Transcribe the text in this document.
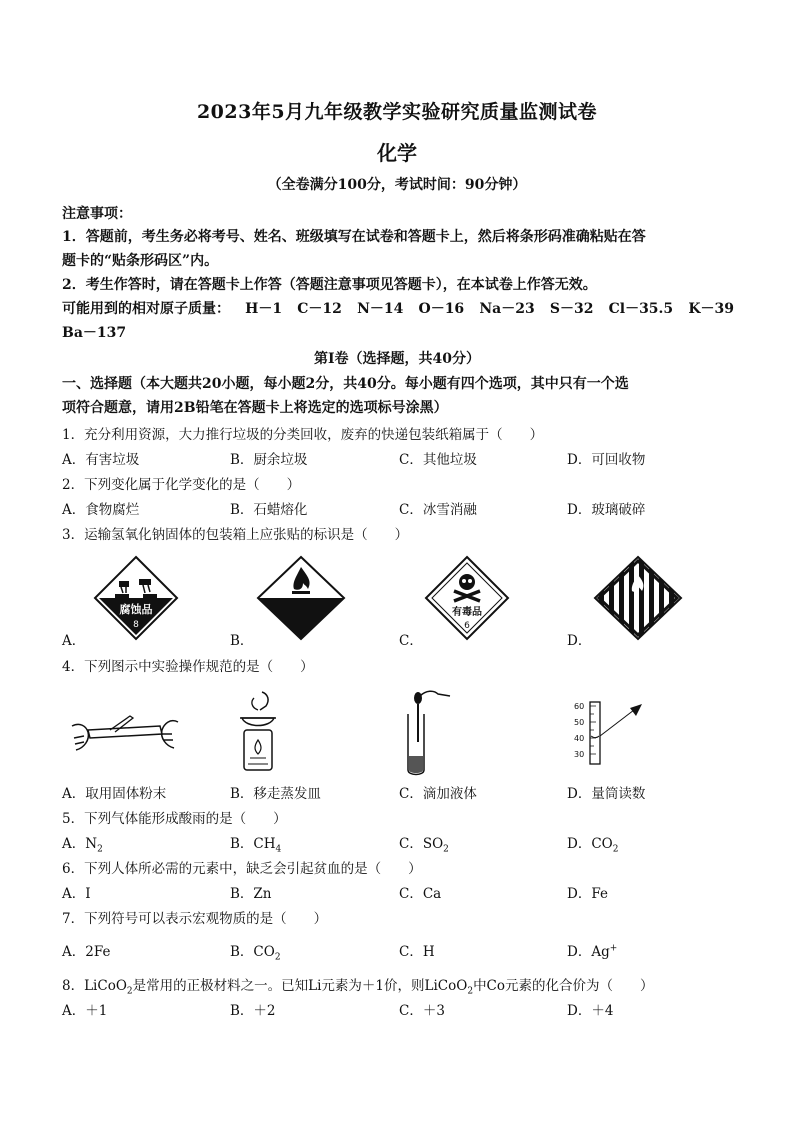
2023年5月九年级教学实验研究质量监测试卷
化学
（全卷满分100分，考试时间：90分钟）
注意事项：
1．答题前，考生务必将考号、姓名、班级填写在试卷和答题卡上，然后将条形码准确粘贴在答
题卡的“贴条形码区”内。
2．考生作答时，请在答题卡上作答（答题注意事项见答题卡），在本试卷上作答无效。
可能用到的相对原子质量： H－1 C－12 N－14 O－16 Na－23 S－32 Cl－35.5 K－39
Ba－137
第Ⅰ卷（选择题，共40分）
一、选择题（本大题共20小题，每小题2分，共40分。每小题有四个选项，其中只有一个选
项符合题意，请用2B铅笔在答题卡上将选定的选项标号涂黑）
1．充分利用资源，大力推行垃圾的分类回收，废弃的快递包装纸箱属于（　　）
A．有害垃圾	B．厨余垃圾	C．其他垃圾	D．可回收物
2．下列变化属于化学变化的是（　　）
A．食物腐烂	B．石蜡熔化	C．冰雪消融	D．玻璃破碎
3．运输氢氧化钠固体的包装箱上应张贴的标识是（　　）
腐蚀品
8
有毒品
6
A．	B．	C．	D．
4．下列图示中实验操作规范的是（　　）
60
50
40
30
A．取用固体粉末	B．移走蒸发皿	C．滴加液体	D．量筒读数
5．下列气体能形成酸雨的是（　　）
A．$N_2$	B．$CH_4$	C．$SO_2$	D．$CO_2$
6．下列人体所必需的元素中，缺乏会引起贫血的是（　　）
A．I	B．Zn	C．Ca	D．Fe
7．下列符号可以表示宏观物质的是（　　）
A．2Fe	B．$CO_2$	C．H	D．Ag+
8．LiCoO$_2$是常用的正极材料之一。已知Li元素为＋1价，则LiCoO$_2$中Co元素的化合价为（　　）
A．＋1	B．＋2	C．＋3	D．＋4
